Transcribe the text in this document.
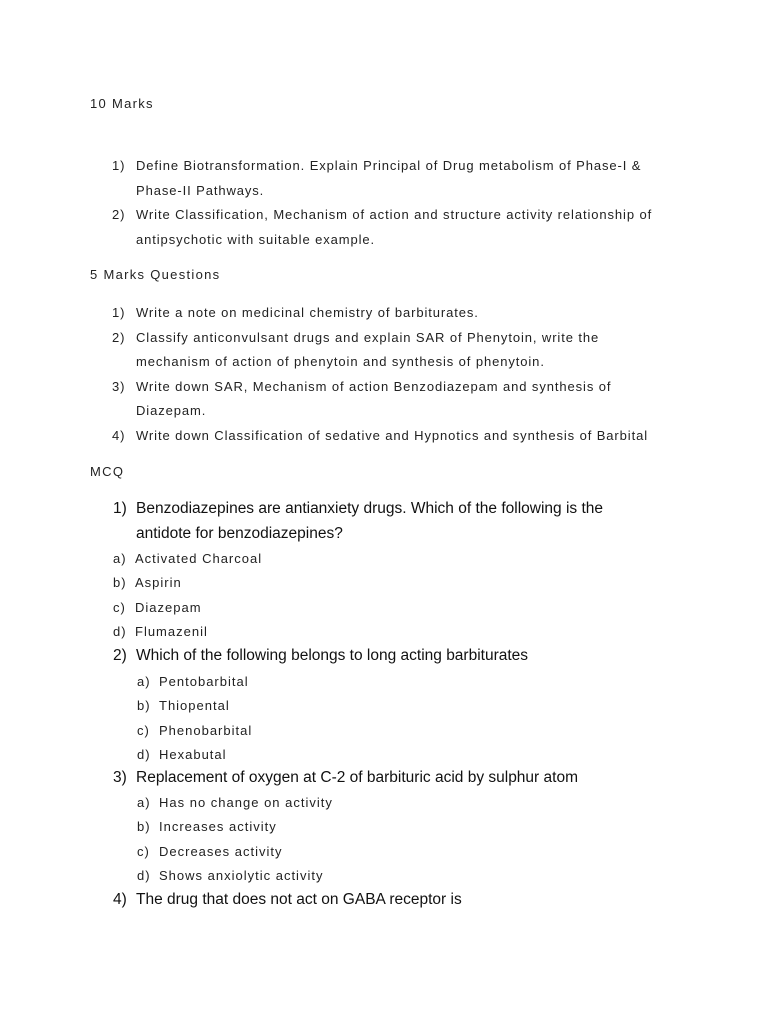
10 Marks
1) Define Biotransformation. Explain Principal of Drug metabolism of Phase-I &
Phase-II Pathways.
2) Write Classification, Mechanism of action and structure activity relationship of
antipsychotic with suitable example.
5 Marks Questions
1) Write a note on medicinal chemistry of barbiturates.
2) Classify anticonvulsant drugs and explain SAR of Phenytoin, write the
mechanism of action of phenytoin and synthesis of phenytoin.
3) Write down SAR, Mechanism of action Benzodiazepam and synthesis of
Diazepam.
4) Write down Classification of sedative and Hypnotics and synthesis of Barbital
MCQ
1) Benzodiazepines are antianxiety drugs. Which of the following is the antidote for benzodiazepines?
a) Activated Charcoal
b) Aspirin
c) Diazepam
d) Flumazenil
2) Which of the following belongs to long acting barbiturates
a) Pentobarbital
b) Thiopental
c) Phenobarbital
d) Hexabutal
3) Replacement of oxygen at C-2 of barbituric acid by sulphur atom
a) Has no change on activity
b) Increases activity
c) Decreases activity
d) Shows anxiolytic activity
4) The drug that does not act on GABA receptor is
